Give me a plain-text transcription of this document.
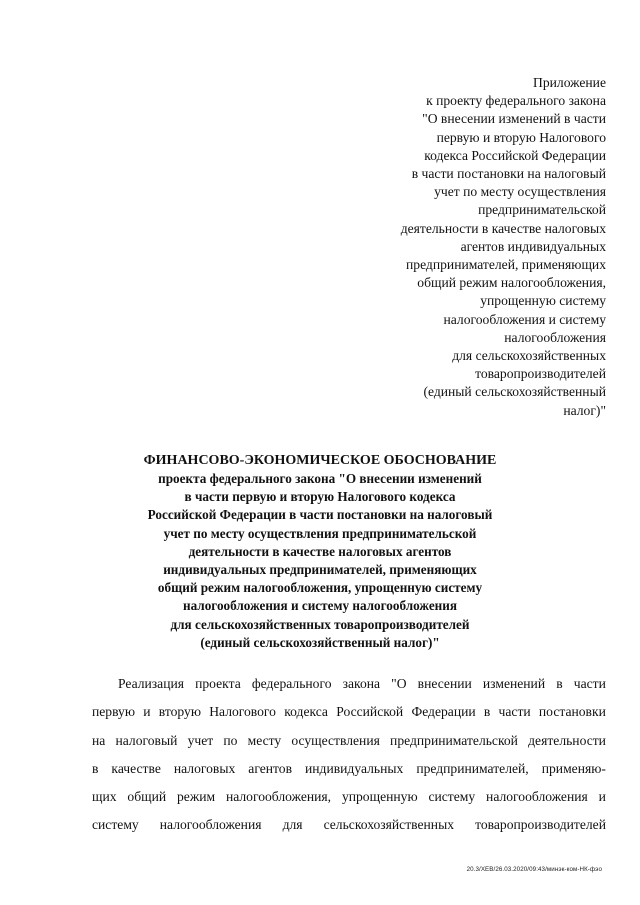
Приложение
к проекту федерального закона
"О внесении изменений в части
первую и вторую Налогового
кодекса Российской Федерации
в части постановки на налоговый
учет по месту осуществления
предпринимательской
деятельности в качестве налоговых
агентов индивидуальных
предпринимателей, применяющих
общий режим налогообложения,
упрощенную систему
налогообложения и систему
налогообложения
для сельскохозяйственных
товаропроизводителей
(единый сельскохозяйственный
налог)"
ФИНАНСОВО-ЭКОНОМИЧЕСКОЕ ОБОСНОВАНИЕ
проекта федерального закона "О внесении изменений
в части первую и вторую Налогового кодекса
Российской Федерации в части постановки на налоговый
учет по месту осуществления предпринимательской
деятельности в качестве налоговых агентов
индивидуальных предпринимателей, применяющих
общий режим налогообложения, упрощенную систему
налогообложения и систему налогообложения
для сельскохозяйственных товаропроизводителей
(единый сельскохозяйственный налог)"
Реализация проекта федерального закона "О внесении изменений в части
первую и вторую Налогового кодекса Российской Федерации в части постановки
на налоговый учет по месту осуществления предпринимательской деятельности
в качестве налоговых агентов индивидуальных предпринимателей, применяю-
щих общий режим налогообложения, упрощенную систему налогообложения и
систему налогообложения для сельскохозяйственных товаропроизводителей
20.3/XEB/26.03.2020/09:43/минэк-ком-НК-фэо
